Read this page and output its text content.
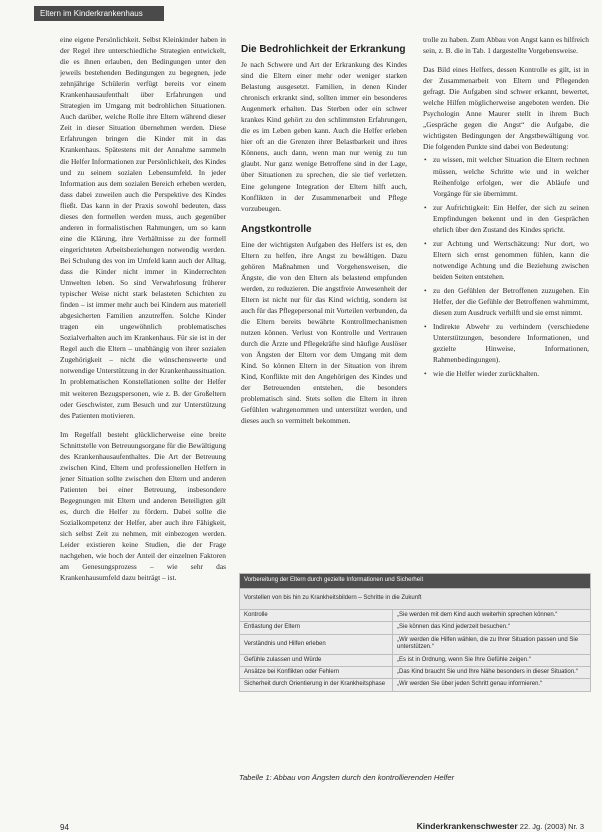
Eltern im Kinderkrankenhaus

eine eigene Persönlichkeit. Selbst Kleinkinder haben in der Regel ihre unterschiedliche Strategien entwickelt, die es ihnen erlauben, den Bedingungen unter den jeweils bestehenden Bedingungen zu begegnen, jede zehnjährige Schülerin verfügt bereits vor einem Krankenhausaufenthalt über Erfahrungen und Strategien im Umgang mit bedrohlichen Situationen. Auch darüber, welche Rolle ihre Eltern während dieser Zeit in dieser Situation übernehmen werden. Diese Erfahrungen bringen die Kinder mit in das Krankenhaus. Spätestens mit der Annahme sammeln die Helfer Informationen zur Persönlichkeit, des Kindes und zu seinem sozialen Lebensumfeld. In jeder Information aus dem sozialen Bereich erheben werden, dass dabei zuweilen auch die Perspektive des Kindes fließt. Das kann in der Praxis sowohl bedeuten, dass dieses den formellen werden muss, auch gegenüber anderen in formalistischen Rahmungen, um so kann eine die Klärung, ihre Verhältnisse zu der formell eingerichteten Arbeitsbeziehungen notwendig werden. Bei Schulung des von im Umfeld kann auch der Alltag, dass die Kinder nicht immer in Kinderrechten Umwelten leben. So sind Verwahrlosung früherer typischer Weise nicht stark belasteten Schichten zu finden – ist immer mehr auch bei Kindern aus materiell abgesicherten Familien anzutreffen. Solche Kinder tragen ein ungewöhnlich problematisches Sozialverhalten auch im Krankenhaus. Für sie ist in der Regel auch die Eltern – unabhängig von ihrer sozialen Zugehörigkeit – nicht die wünschenswerte und notwendige Unterstützung in der Krankenhaussituation. In problematischen Konstellationen sollte der Helfer mit weiteren Bezugspersonen, wie z. B. der Großeltern oder Geschwister, zum Besuch und zur Unterstützung des Patienten motivieren.

Im Regelfall besteht glücklicherweise eine breite Schnittstelle von Betreuungsorgane für die Bewältigung des Krankenhausaufenthaltes. Die Art der Betreuung zwischen Kind, Eltern und professionellen Helfern in jener Situation sollte zwischen den Eltern und anderen Patienten bei einer Betreuung, insbesondere Begegnungen mit Eltern und anderen Beteiligten gilt es, durch die Helfer zu fördern. Dabei sollte die Sozialkompetenz der Helfer, aber auch ihre Fähigkeit, sich selbst Zeit zu nehmen, mit einbezogen werden. Leider existieren keine Studien, die der Frage nachgehen, wie hoch der Anteil der einzelnen Faktoren am Genesungsprozess – wie sehr das Krankenhausumfeld dazu beiträgt – ist.

Die Bedrohlichkeit der Erkrankung

Je nach Schwere und Art der Erkrankung des Kindes sind die Eltern einer mehr oder weniger starken Belastung ausgesetzt. Familien, in denen Kinder chronisch erkrankt sind, sollten immer ein besonderes Augenmerk erhalten. Das Sterben oder ein schwer krankes Kind gehört zu den schlimmsten Erfahrungen, die es im Leben geben kann. Auch die Helfer erleben hier oft an die Grenzen ihrer Belastbarkeit und ihres Könnens, auch dann, wenn man nur wenig zu tun glaubt. Nur ganz wenige Betroffene sind in der Lage, über Situationen zu sprechen, die sie tief verletzen. Eine gelungene Integration der Eltern hilft auch, Konflikten in der Zusammenarbeit und Pflege vorzubeugen.

Angstkontrolle

Eine der wichtigsten Aufgaben des Helfers ist es, den Eltern zu helfen, ihre Angst zu bewältigen. Dazu gehören Maßnahmen und Vorgehensweisen, die Ängste, die von den Eltern als belastend empfunden werden, zu reduzieren. Die angstfreie Anwesenheit der Eltern ist nicht nur für das Kind wichtig, sondern ist auch für das Pflegepersonal mit Vorteilen verbunden, da die Eltern bereits bewährte Kontrollmechanismen nutzen können. Verlust von Kontrolle und Vertrauen durch die Ärzte und Pflegekräfte sind häufige Auslöser von Ängsten der Eltern vor dem Umgang mit dem Kind. So können Eltern in der Situation von ihrem Kind, Konflikte mit den Angehörigen des Kindes und der Betreuenden entstehen, die besonders problematisch sind. Stets sollen die Eltern in ihren Gefühlen wahrgenommen und unterstützt werden, und dieses auch so vermittelt bekommen.

trolle zu haben. Zum Abbau von Angst kann es hilfreich sein, z. B. die in Tab. 1 dargestellte Vorgehensweise.

Das Bild eines Helfers, dessen Kontrolle es gilt, ist in der Zusammenarbeit von Eltern und Pflegenden gefragt. Die Aufgaben sind schwer erkannt, bewertet, welche Hilfen möglicherweise angeboten werden. Die Psychologin Anne Maurer stellt in ihrem Buch „Gespräche gegen die Angst“ die Aufgabe, die wichtigsten Bedingungen der Angstbewältigung vor. Die folgenden Punkte sind dabei von Bedeutung:

• zu wissen, mit welcher Situation die Eltern rechnen müssen, welche Schritte wie und in welcher Reihenfolge erfolgen, wer die Abläufe und Vorgänge für sie übernimmt.
• zur Aufrichtigkeit: Ein Helfer, der sich zu seinen Empfindungen bekennt und in den Gesprächen ehrlich über den Zustand des Kindes spricht.
• zur Achtung und Wertschätzung: Nur dort, wo Eltern sich ernst genommen fühlen, kann die notwendige Achtung und die Beziehung zwischen beiden Seiten entstehen.
• zu den Gefühlen der Betroffenen zuzugehen. Ein Helfer, der die Gefühle der Betroffenen wahrnimmt, diesen zum Ausdruck verhilft und sie ernst nimmt.
• Indirekte Abwehr zu verhindern (verschiedene Unterstützungen, besondere Informationen, und gezielte Hinweise, Informationen, Rahmenbedingungen).
• wie die Helfer wieder zurückhalten.
Vorbereitung der Eltern durch gezielte Informationen und Sicherheit	
Vorstellen von bis hin zu Krankheitsbildern – Schritte in die Zukunft	
Kontrolle	„Sie werden mit dem Kind auch weiterhin sprechen können.“
Entlastung der Eltern	„Sie können das Kind jederzeit besuchen.“
Verständnis und Hilfen erleben	„Wir werden die Hilfen wählen, die zu Ihrer Situation passen und Sie unterstützen.“
Gefühle zulassen und Würde	„Es ist in Ordnung, wenn Sie Ihre Gefühle zeigen.“
Ansätze bei Konflikten oder Fehlern	„Das Kind braucht Sie und Ihre Nähe besonders in dieser Situation.“
Sicherheit durch Orientierung in der Krankheitsphase	„Wir werden Sie über jeden Schritt genau informieren.“
Tabelle 1: Abbau von Ängsten durch den kontrollierenden Helfer
94	Kinderkrankenschwester 22. Jg. (2003) Nr. 3
